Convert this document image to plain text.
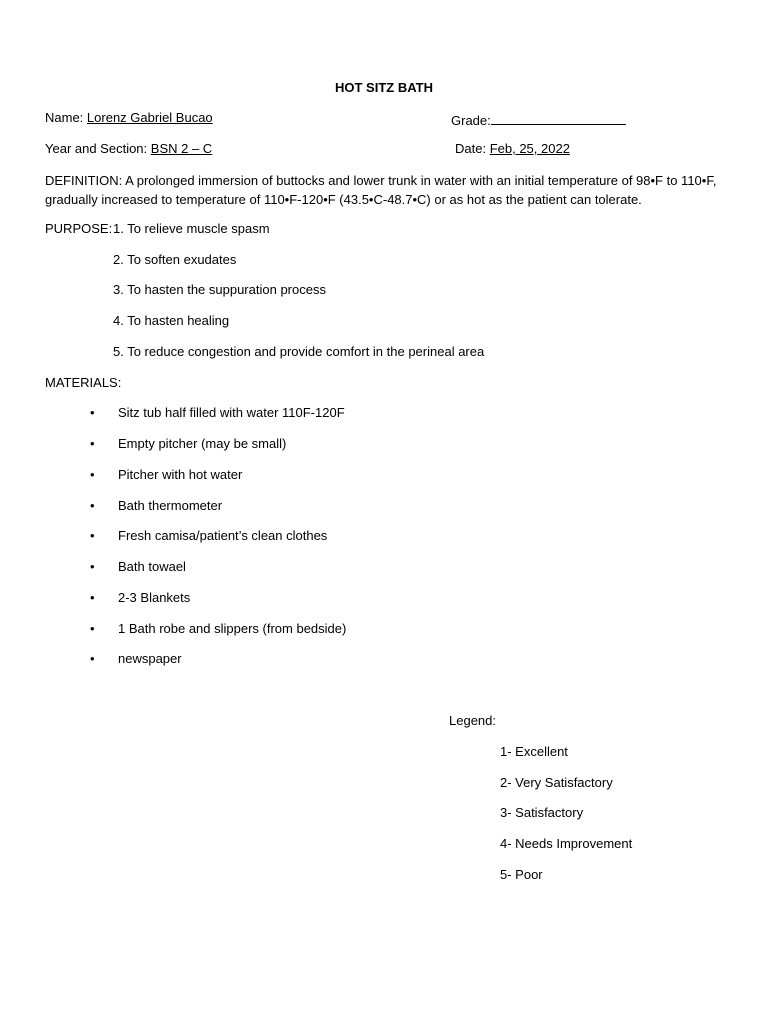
HOT SITZ BATH
Name: Lorenz Gabriel Bucao	Grade:
Year and Section: BSN 2 – C	Date: Feb, 25, 2022
DEFINITION: A prolonged immersion of buttocks and lower trunk in water with an initial temperature of 98•F to 110•F, gradually increased to temperature of 110•F-120•F (43.5•C-48.7•C) or as hot as the patient can tolerate.
PURPOSE: 1. To relieve muscle spasm
2. To soften exudates
3. To hasten the suppuration process
4. To hasten healing
5. To reduce congestion and provide comfort in the perineal area
MATERIALS:
• Sitz tub half filled with water 110F-120F
• Empty pitcher (may be small)
• Pitcher with hot water
• Bath thermometer
• Fresh camisa/patient’s clean clothes
• Bath towael
• 2-3 Blankets
• 1 Bath robe and slippers (from bedside)
• newspaper
Legend:
1- Excellent
2- Very Satisfactory
3- Satisfactory
4- Needs Improvement
5- Poor
